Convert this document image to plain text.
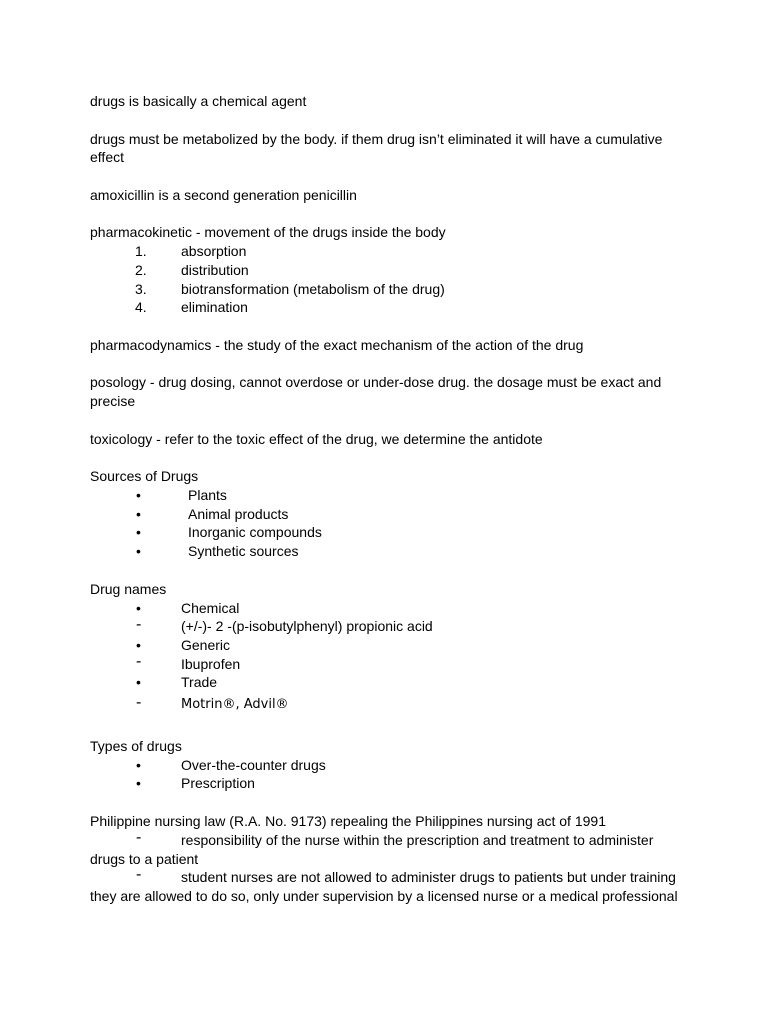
drugs is basically a chemical agent
drugs must be metabolized by the body. if them drug isn’t eliminated it will have a cumulative
effect
amoxicillin is a second generation penicillin
pharmacokinetic - movement of the drugs inside the body
1. absorption
2. distribution
3. biotransformation (metabolism of the drug)
4. elimination
pharmacodynamics - the study of the exact mechanism of the action of the drug
posology - drug dosing, cannot overdose or under-dose drug. the dosage must be exact and
precise
toxicology - refer to the toxic effect of the drug, we determine the antidote
Sources of Drugs
•	Plants
•	Animal products
•	Inorganic compounds
•	Synthetic sources
Drug names
•	Chemical
-	(+/-)- 2 -(p-isobutylphenyl) propionic acid
•	Generic
-	Ibuprofen
•	Trade
-	Motrin®, Advil®
Types of drugs
•	Over-the-counter drugs
•	Prescription
Philippine nursing law (R.A. No. 9173) repealing the Philippines nursing act of 1991
-	responsibility of the nurse within the prescription and treatment to administer
drugs to a patient
-	student nurses are not allowed to administer drugs to patients but under training
they are allowed to do so, only under supervision by a licensed nurse or a medical professional
